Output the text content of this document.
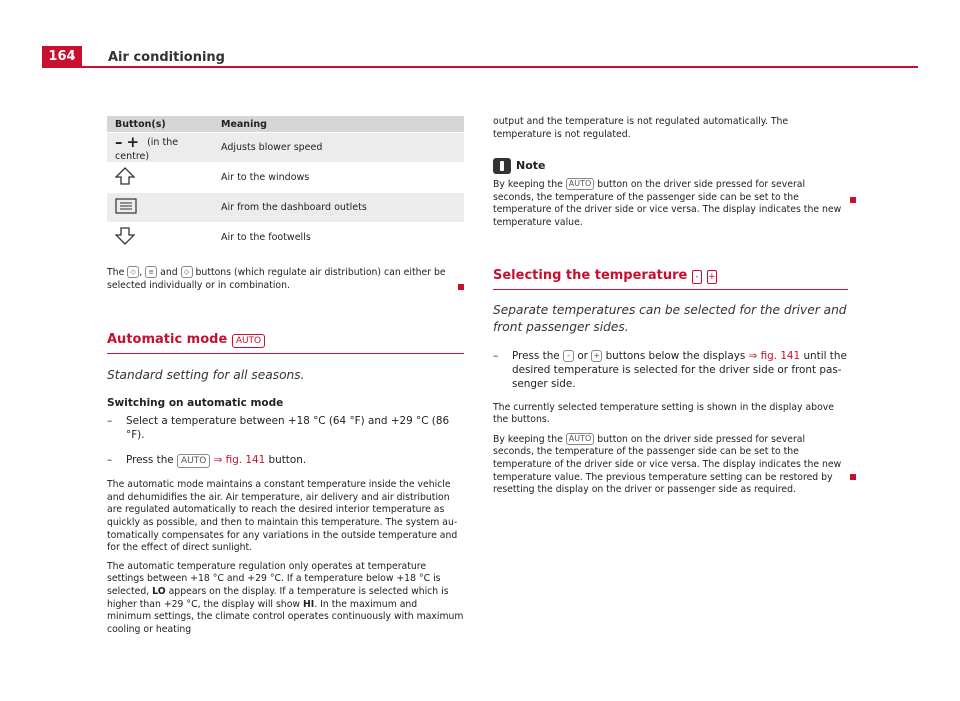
164	Air conditioning
Button(s)	Meaning
–+ (in the centre)	Adjusts blower speed
	Air to the windows
	Air from the dashboard outlets
	Air to the footwells

The ◇ , ≡ and ◇ buttons (which regulate air distribution) can either be selected individually or in combination.

Automatic mode AUTO
Standard setting for all seasons.
Switching on automatic mode
– Select a temperature between +18 °C (64 °F) and +29 °C (86 °F).
– Press the AUTO ⇒ fig. 141 button.

The automatic mode maintains a constant temperature inside the vehicle and dehumidifies the air. Air temperature, air delivery and air distribution are regulated automatically to reach the desired interior temperature as quickly as possible, and then to maintain this temperature. The system au-tomatically compensates for any variations in the outside temperature and for the effect of direct sunlight.

The automatic temperature regulation only operates at temperature settings between +18 °C and +29 °C. If a temperature below +18 °C is selected, LO appears on the display. If a temperature is selected which is higher than +29 °C, the display will show HI. In the maximum and minimum settings, the climate control operates continuously with maximum cooling or heating

output and the temperature is not regulated automatically. The temperature is not regulated.

Note

By keeping the AUTO button on the driver side pressed for several seconds, the temperature of the passenger side can be set to the temperature of the driver side or vice versa. The display indicates the new temperature value.

Selecting the temperature - +
Separate temperatures can be selected for the driver and front passenger sides.
– Press the - or + buttons below the displays ⇒ fig. 141 until the desired temperature is selected for the driver side or front pas-senger side.

The currently selected temperature setting is shown in the display above the buttons.

By keeping the AUTO button on the driver side pressed for several seconds, the temperature of the passenger side can be set to the temperature of the driver side or vice versa. The display indicates the new temperature value. The previous temperature setting can be restored by resetting the display on the driver or passenger side as required.
